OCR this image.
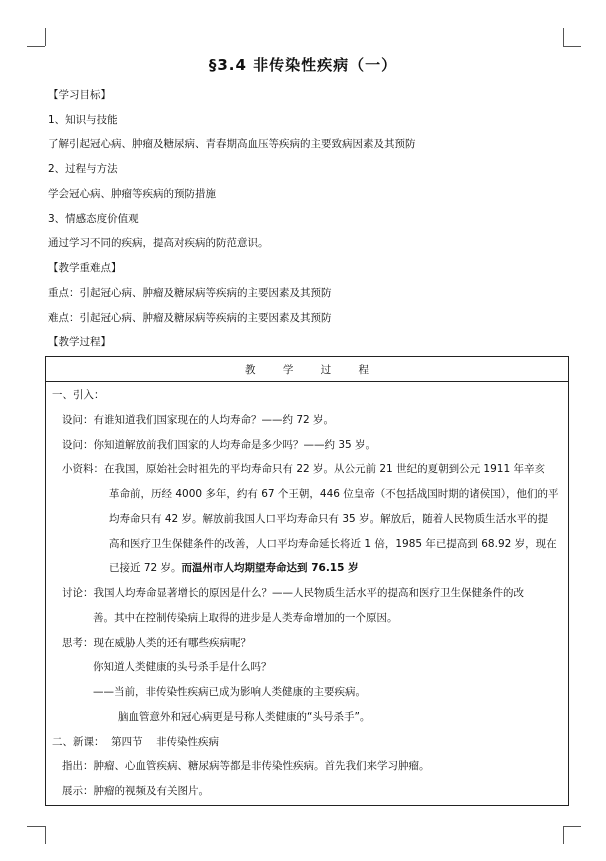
§3.4 非传染性疾病（一）
【学习目标】
1、知识与技能
了解引起冠心病、肿瘤及糖尿病、青春期高血压等疾病的主要致病因素及其预防
2、过程与方法
学会冠心病、肿瘤等疾病的预防措施
3、情感态度价值观
通过学习不同的疾病，提高对疾病的防范意识。
【教学重难点】
重点：引起冠心病、肿瘤及糖尿病等疾病的主要因素及其预防
难点：引起冠心病、肿瘤及糖尿病等疾病的主要因素及其预防
【教学过程】
教 学 过 程
一、引入：
设问：有谁知道我们国家现在的人均寿命？——约 72 岁。
设问：你知道解放前我们国家的人均寿命是多少吗？——约 35 岁。
小资料：在我国，原始社会时祖先的平均寿命只有 22 岁。从公元前 21 世纪的夏朝到公元 1911 年辛亥
革命前，历经 4000 多年，约有 67 个王朝，446 位皇帝（不包括战国时期的诸侯国），他们的平
均寿命只有 42 岁。解放前我国人口平均寿命只有 35 岁。解放后，随着人民物质生活水平的提
高和医疗卫生保健条件的改善，人口平均寿命延长将近 1 倍，1985 年已提高到 68.92 岁，现在
已接近 72 岁。而温州市人均期望寿命达到 76.15 岁
讨论：我国人均寿命显著增长的原因是什么？——人民物质生活水平的提高和医疗卫生保健条件的改
善。其中在控制传染病上取得的进步是人类寿命增加的一个原因。
思考：现在威胁人类的还有哪些疾病呢？
你知道人类健康的头号杀手是什么吗？
——当前，非传染性疾病已成为影响人类健康的主要疾病。
脑血管意外和冠心病更是号称人类健康的“头号杀手”。
二、新课：  第四节    非传染性疾病
指出：肿瘤、心血管疾病、糖尿病等都是非传染性疾病。首先我们来学习肿瘤。
展示：肿瘤的视频及有关图片。
